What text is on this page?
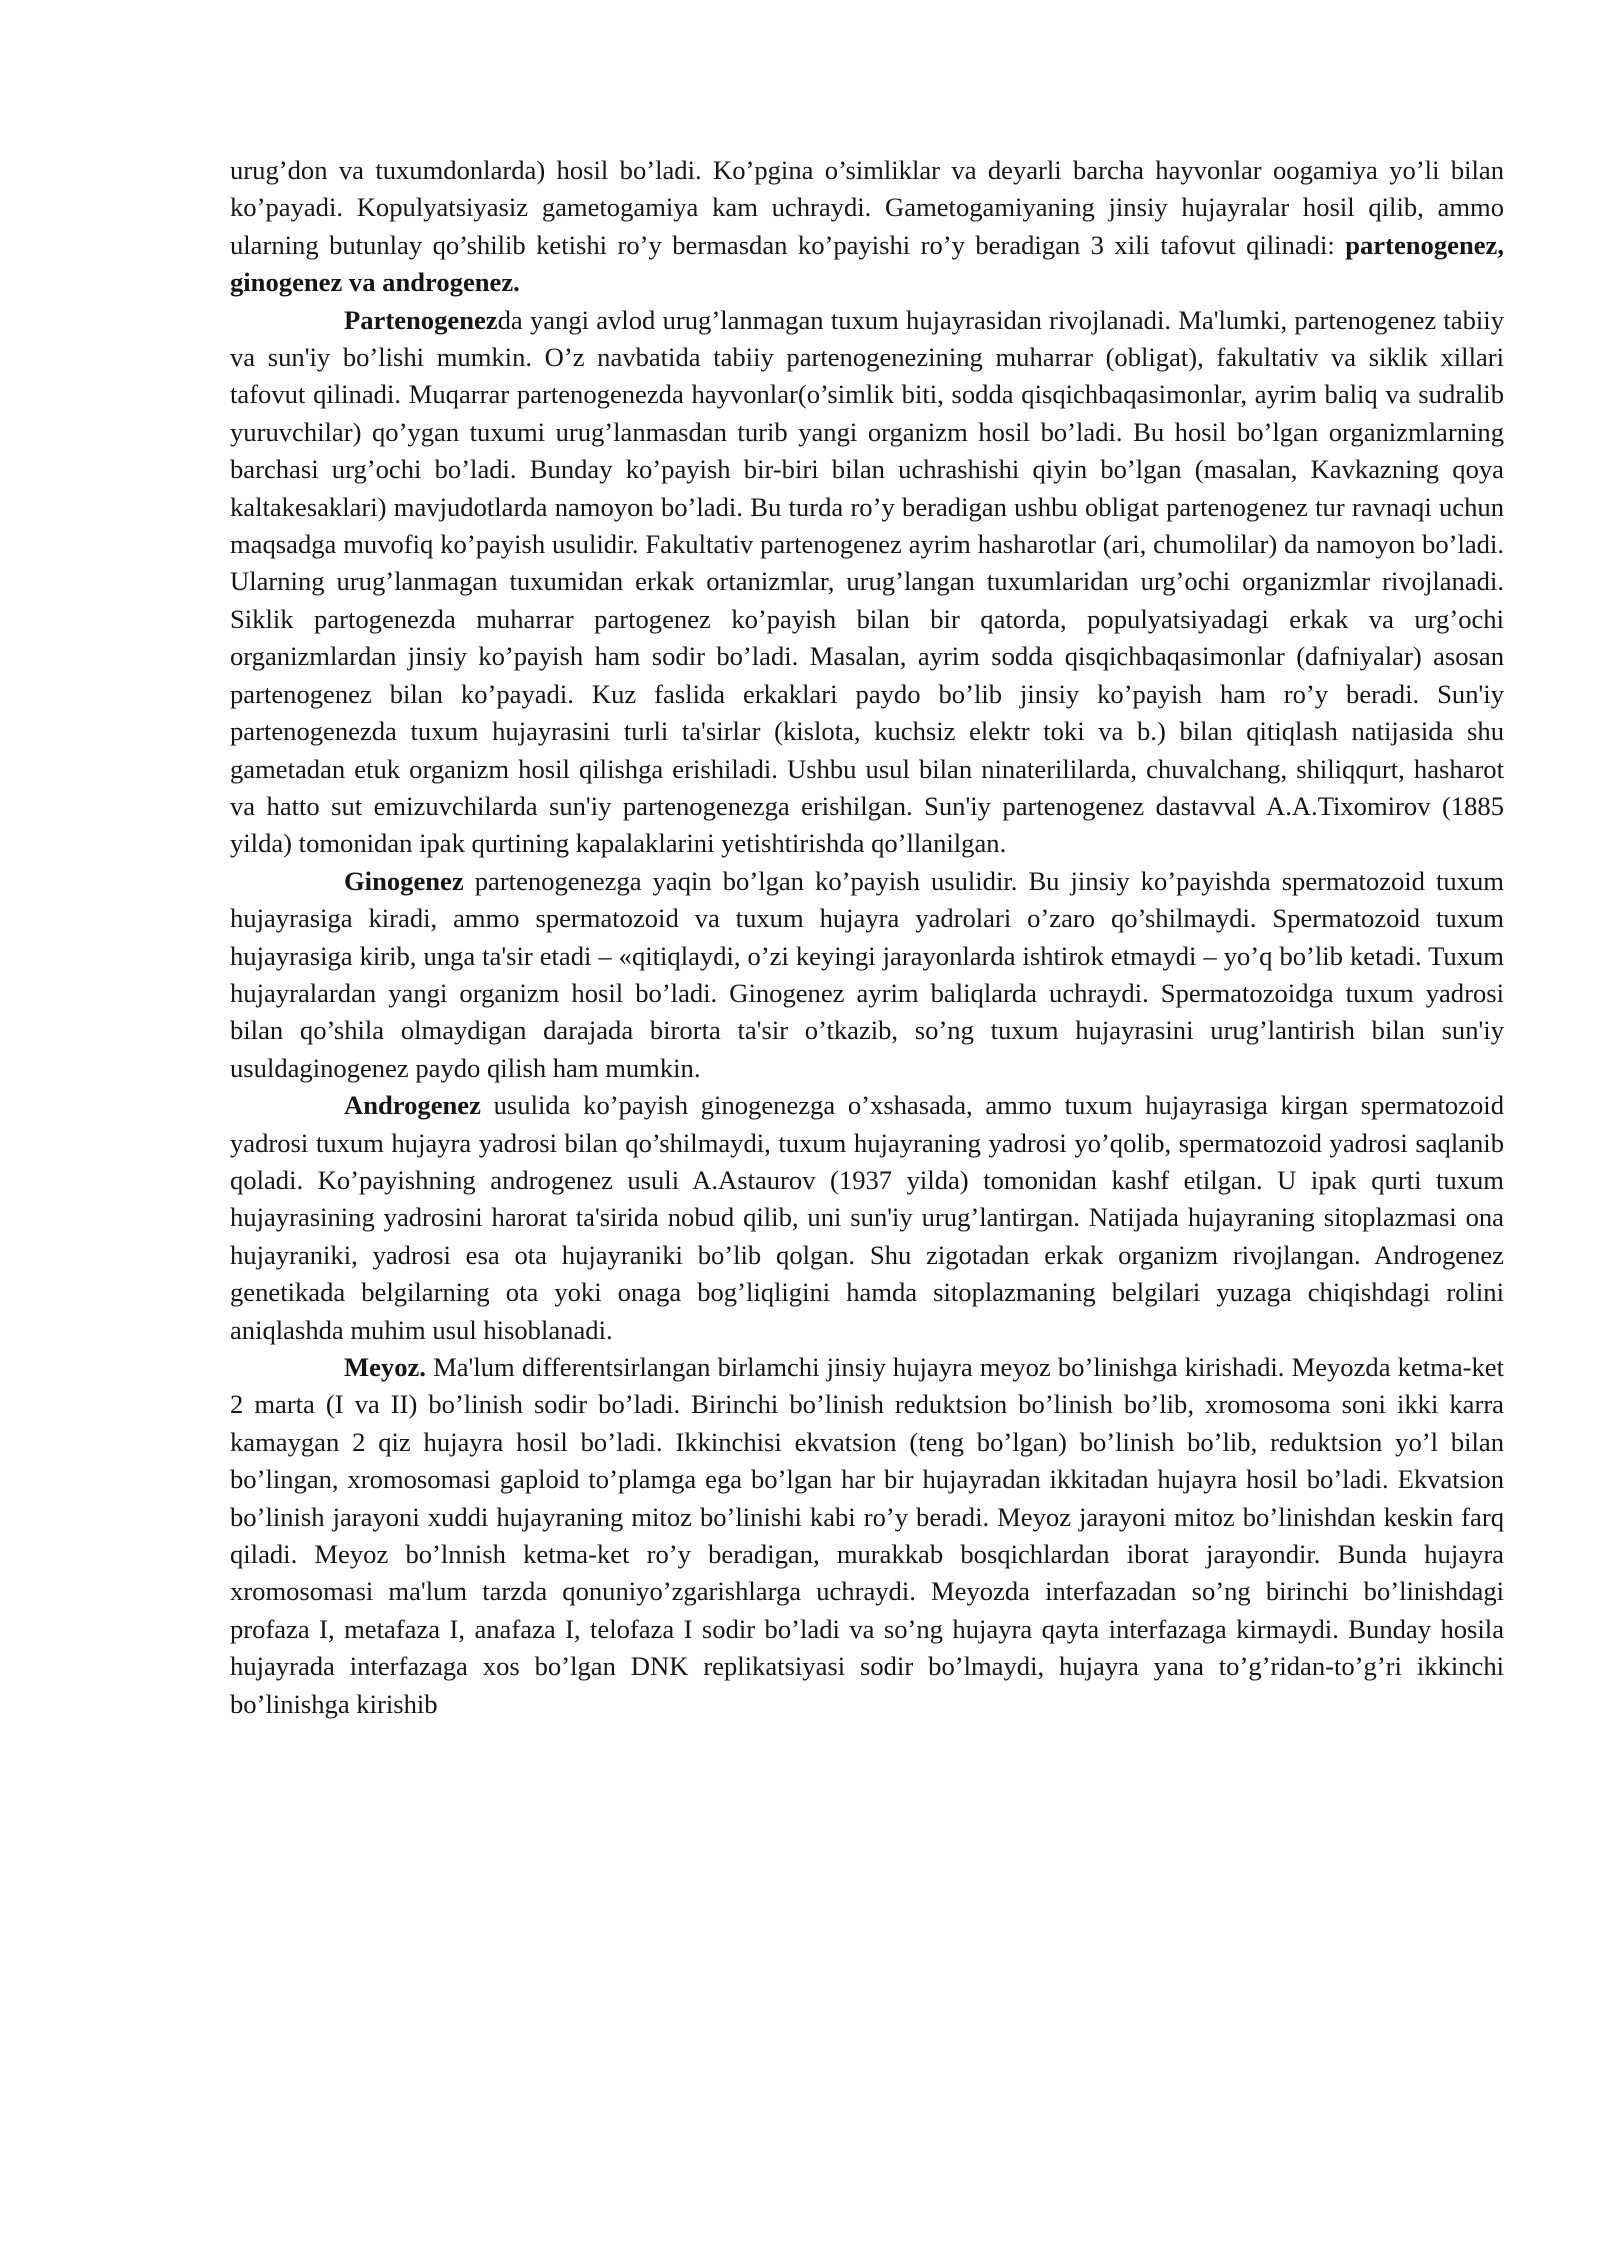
urug’don va tuxumdonlarda) hosil bo’ladi. Ko’pgina o’simliklar va deyarli barcha hayvonlar oogamiya yo’li bilan ko’payadi. Kopulyatsiyasiz gametogamiya kam uchraydi. Gametogamiyaning jinsiy hujayralar hosil qilib, ammo ularning butunlay qo’shilib ketishi ro’y bermasdan ko’payishi ro’y beradigan 3 xili tafovut qilinadi: partenogenez, ginogenez va androgenez.

Partenogenezda yangi avlod urug’lanmagan tuxum hujayrasidan rivojlanadi. Ma'lumki, partenogenez tabiiy va sun'iy bo’lishi mumkin. O’z navbatida tabiiy partenogenezining muharrar (obligat), fakultativ va siklik xillari tafovut qilinadi. Muqarrar partenogenezda hayvonlar(o’simlik biti, sodda qisqichbaqasimonlar, ayrim baliq va sudralib yuruvchilar) qo’ygan tuxumi urug’lanmasdan turib yangi organizm hosil bo’ladi. Bu hosil bo’lgan organizmlarning barchasi urg’ochi bo’ladi. Bunday ko’payish bir-biri bilan uchrashishi qiyin bo’lgan (masalan, Kavkazning qoya kaltakesaklari) mavjudotlarda namoyon bo’ladi. Bu turda ro’y beradigan ushbu obligat partenogenez tur ravnaqi uchun maqsadga muvofiq ko’payish usulidir. Fakultativ partenogenez ayrim hasharotlar (ari, chumolilar) da namoyon bo’ladi. Ularning urug’lanmagan tuxumidan erkak ortanizmlar, urug’langan tuxumlaridan urg’ochi organizmlar rivojlanadi. Siklik partogenezda muharrar partogenez ko’payish bilan bir qatorda, populyatsiyadagi erkak va urg’ochi organizmlardan jinsiy ko’payish ham sodir bo’ladi. Masalan, ayrim sodda qisqichbaqasimonlar (dafniyalar) asosan partenogenez bilan ko’payadi. Kuz faslida erkaklari paydo bo’lib jinsiy ko’payish ham ro’y beradi. Sun'iy partenogenezda tuxum hujayrasini turli ta'sirlar (kislota, kuchsiz elektr toki va b.) bilan qitiqlash natijasida shu gametadan etuk organizm hosil qilishga erishiladi. Ushbu usul bilan ninaterililarda, chuvalchang, shiliqqurt, hasharot va hatto sut emizuvchilarda sun'iy partenogenezga erishilgan. Sun'iy partenogenez dastavval A.A.Tixomirov (1885 yilda) tomonidan ipak qurtining kapalaklarini yetishtirishda qo’llanilgan.

Ginogenez partenogenezga yaqin bo’lgan ko’payish usulidir. Bu jinsiy ko’payishda spermatozoid tuxum hujayrasiga kiradi, ammo spermatozoid va tuxum hujayra yadrolari o’zaro qo’shilmaydi. Spermatozoid tuxum hujayrasiga kirib, unga ta'sir etadi – «qitiqlaydi, o’zi keyingi jarayonlarda ishtirok etmaydi – yo’q bo’lib ketadi. Tuxum hujayralardan yangi organizm hosil bo’ladi. Ginogenez ayrim baliqlarda uchraydi. Spermatozoidga tuxum yadrosi bilan qo’shila olmaydigan darajada birorta ta'sir o’tkazib, so’ng tuxum hujayrasini urug’lantirish bilan sun'iy usuldaginogenez paydo qilish ham mumkin.

Androgenez usulida ko’payish ginogenezga o’xshasada, ammo tuxum hujayrasiga kirgan spermatozoid yadrosi tuxum hujayra yadrosi bilan qo’shilmaydi, tuxum hujayraning yadrosi yo’qolib, spermatozoid yadrosi saqlanib qoladi. Ko’payishning androgenez usuli A.Astaurov (1937 yilda) tomonidan kashf etilgan. U ipak qurti tuxum hujayrasining yadrosini harorat ta'sirida nobud qilib, uni sun'iy urug’lantirgan. Natijada hujayraning sitoplazmasi ona hujayraniki, yadrosi esa ota hujayraniki bo’lib qolgan. Shu zigotadan erkak organizm rivojlangan. Androgenez genetikada belgilarning ota yoki onaga bog’liqligini hamda sitoplazmaning belgilari yuzaga chiqishdagi rolini aniqlashda muhim usul hisoblanadi.

Meyoz. Ma'lum differentsirlangan birlamchi jinsiy hujayra meyoz bo’linishga kirishadi. Meyozda ketma-ket 2 marta (I va II) bo’linish sodir bo’ladi. Birinchi bo’linish reduktsion bo’linish bo’lib, xromosoma soni ikki karra kamaygan 2 qiz hujayra hosil bo’ladi. Ikkinchisi ekvatsion (teng bo’lgan) bo’linish bo’lib, reduktsion yo’l bilan bo’lingan, xromosomasi gaploid to’plamga ega bo’lgan har bir hujayradan ikkitadan hujayra hosil bo’ladi. Ekvatsion bo’linish jarayoni xuddi hujayraning mitoz bo’linishi kabi ro’y beradi. Meyoz jarayoni mitoz bo’linishdan keskin farq qiladi. Meyoz bo’lnnish ketma-ket ro’y beradigan, murakkab bosqichlardan iborat jarayondir. Bunda hujayra xromosomasi ma'lum tarzda qonuniyo’zgarishlarga uchraydi. Meyozda interfazadan so’ng birinchi bo’linishdagi profaza I, metafaza I, anafaza I, telofaza I sodir bo’ladi va so’ng hujayra qayta interfazaga kirmaydi. Bunday hosila hujayrada interfazaga xos bo’lgan DNK replikatsiyasi sodir bo’lmaydi, hujayra yana to’g’ridan-to’g’ri ikkinchi bo’linishga kirishib
